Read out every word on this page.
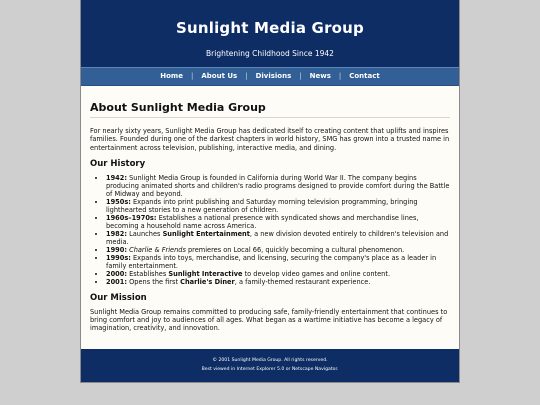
Sunlight Media Group
Brightening Childhood Since 1942
Home | About Us | Divisions | News | Contact
About Sunlight Media Group

For nearly sixty years, Sunlight Media Group has dedicated itself to creating content that uplifts and inspires families. Founded during one of the darkest chapters in world history, SMG has grown into a trusted name in entertainment across television, publishing, interactive media, and dining.

Our History
• 1942: Sunlight Media Group is founded in California during World War II. The company begins producing animated shorts and children's radio programs designed to provide comfort during the Battle of Midway and beyond.
• 1950s: Expands into print publishing and Saturday morning television programming, bringing lighthearted stories to a new generation of children.
• 1960s–1970s: Establishes a national presence with syndicated shows and merchandise lines, becoming a household name across America.
• 1982: Launches Sunlight Entertainment, a new division devoted entirely to children's television and media.
• 1990: Charlie & Friends premieres on Local 66, quickly becoming a cultural phenomenon.
• 1990s: Expands into toys, merchandise, and licensing, securing the company's place as a leader in family entertainment.
• 2000: Establishes Sunlight Interactive to develop video games and online content.
• 2001: Opens the first Charlie's Diner, a family-themed restaurant experience.
Our Mission

Sunlight Media Group remains committed to producing safe, family-friendly entertainment that continues to bring comfort and joy to audiences of all ages. What began as a wartime initiative has become a legacy of imagination, creativity, and innovation.

© 2001 Sunlight Media Group. All rights reserved.
Best viewed in Internet Explorer 5.0 or Netscape Navigator.
